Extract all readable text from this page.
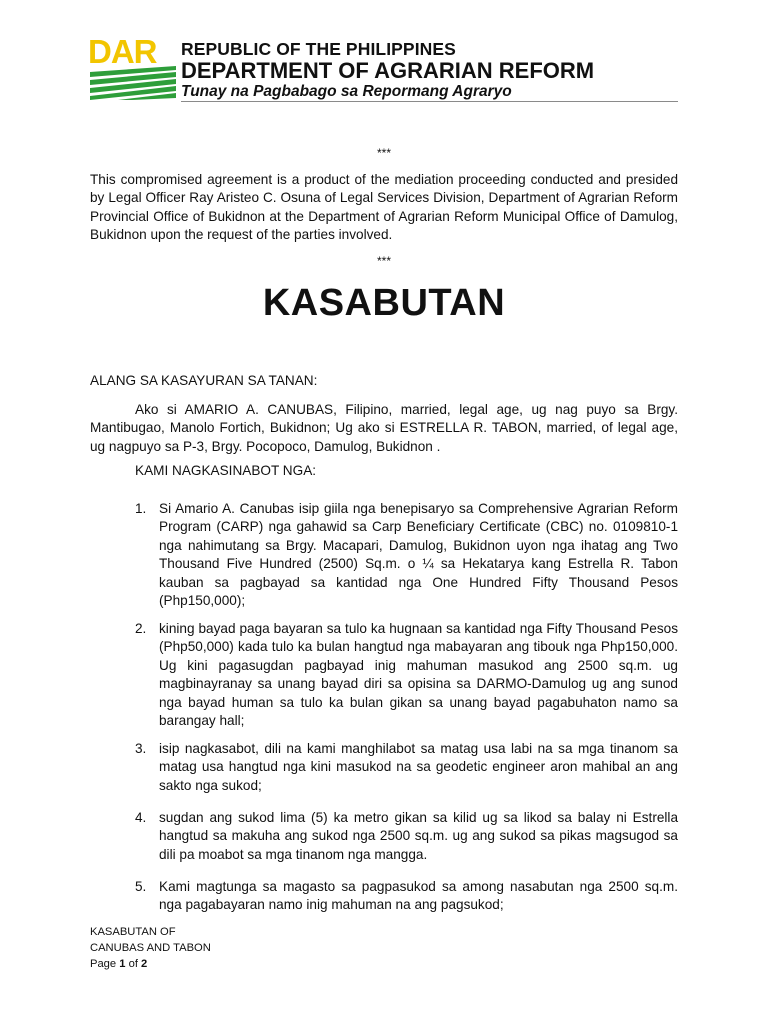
DAR REPUBLIC OF THE PHILIPPINES
DEPARTMENT OF AGRARIAN REFORM
Tunay na Pagbabago sa Repormang Agraryo
***
This compromised agreement is a product of the mediation proceeding conducted and presided by Legal Officer Ray Aristeo C. Osuna of Legal Services Division, Department of Agrarian Reform Provincial Office of Bukidnon at the Department of Agrarian Reform Municipal Office of Damulog, Bukidnon upon the request of the parties involved.
***
KASABUTAN
ALANG SA KASAYURAN SA TANAN:
Ako si AMARIO A. CANUBAS, Filipino, married, legal age, ug nag puyo sa Brgy. Mantibugao, Manolo Fortich, Bukidnon; Ug ako si ESTRELLA R. TABON, married, of legal age, ug nagpuyo sa P-3, Brgy. Pocopoco, Damulog, Bukidnon .
KAMI NAGKASINABOT NGA:
1. Si Amario A. Canubas isip giila nga benepisaryo sa Comprehensive Agrarian Reform Program (CARP) nga gahawid sa Carp Beneficiary Certificate (CBC) no. 0109810-1 nga nahimutang sa Brgy. Macapari, Damulog, Bukidnon uyon nga ihatag ang Two Thousand Five Hundred (2500) Sq.m. o ¼ sa Hekatarya kang Estrella R. Tabon kauban sa pagbayad sa kantidad nga One Hundred Fifty Thousand Pesos (Php150,000);
2. kining bayad paga bayaran sa tulo ka hugnaan sa kantidad nga Fifty Thousand Pesos (Php50,000) kada tulo ka bulan hangtud nga mabayaran ang tibouk nga Php150,000. Ug kini pagasugdan pagbayad inig mahuman masukod ang 2500 sq.m. ug magbinayranay sa unang bayad diri sa opisina sa DARMO-Damulog ug ang sunod nga bayad human sa tulo ka bulan gikan sa unang bayad pagabuhaton namo sa barangay hall;
3. isip nagkasabot, dili na kami manghilabot sa matag usa labi na sa mga tinanom sa matag usa hangtud nga kini masukod na sa geodetic engineer aron mahibal an ang sakto nga sukod;
4. sugdan ang sukod lima (5) ka metro gikan sa kilid ug sa likod sa balay ni Estrella hangtud sa makuha ang sukod nga 2500 sq.m. ug ang sukod sa pikas magsugod sa dili pa moabot sa mga tinanom nga mangga.
5. Kami magtunga sa magasto sa pagpasukod sa among nasabutan nga 2500 sq.m. nga pagabayaran namo inig mahuman na ang pagsukod;
KASABUTAN OF
CANUBAS AND TABON
Page 1 of 2
